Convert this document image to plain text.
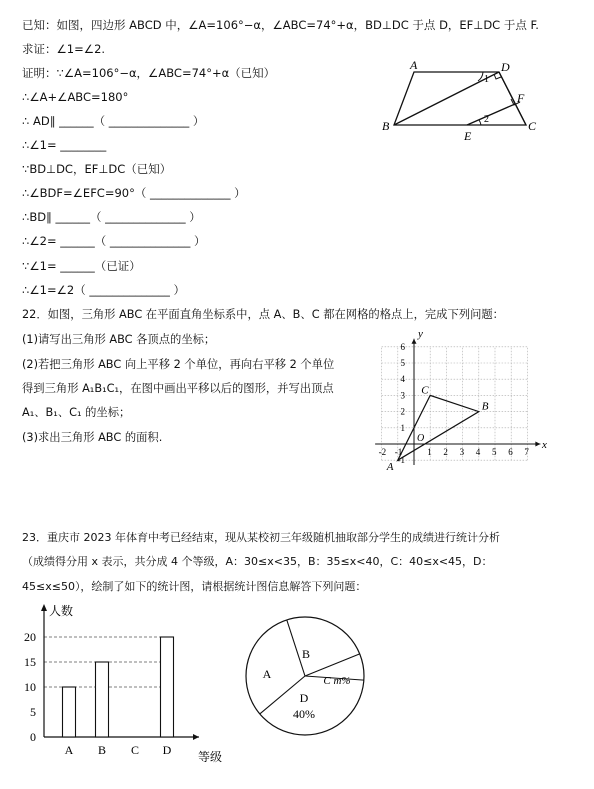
已知：如图，四边形 ABCD 中，∠A=106°−α，∠ABC=74°+α，BD⊥DC 于点 D，EF⊥DC 于点 F.
求证：∠1=∠2.
证明：∵∠A=106°−α，∠ABC=74°+α（已知）
∴∠A+∠ABC=180°
∴ AD∥ ______（ ______________ ）
∴∠1= ________
∵BD⊥DC，EF⊥DC（已知）
∴∠BDF=∠EFC=90°（ ______________ ）
∴BD∥ ______（ ______________ ）
∴∠2= ______（ ______________ ）
∵∠1= ______（已证）
∴∠1=∠2（ ______________ ）
A	D
B	C
E
F
1
2
22．如图，三角形 ABC 在平面直角坐标系中，点 A、B、C 都在网格的格点上，完成下列问题：
(1)请写出三角形 ABC 各顶点的坐标；
(2)若把三角形 ABC 向上平移 2 个单位，再向右平移 2 个单位
得到三角形 A₁B₁C₁，在图中画出平移以后的图形，并写出顶点
A₁、B₁、C₁ 的坐标；
(3)求出三角形 ABC 的面积.
x
y
O
-2 -1	1 2 3 4 5 6 7
-1
1
2
3
4
5
6
A
B
C
23．重庆市 2023 年体育中考已经结束，现从某校初三年级随机抽取部分学生的成绩进行统计分析
（成绩得分用 x 表示，共分成 4 个等级，A：30≤x<35，B：35≤x<40，C：40≤x<45，D：
45≤x≤50），绘制了如下的统计图，请根据统计图信息解答下列问题：
人数
等级
0
5
10
15
20
A B C D
A
B
C m%
D
40%
